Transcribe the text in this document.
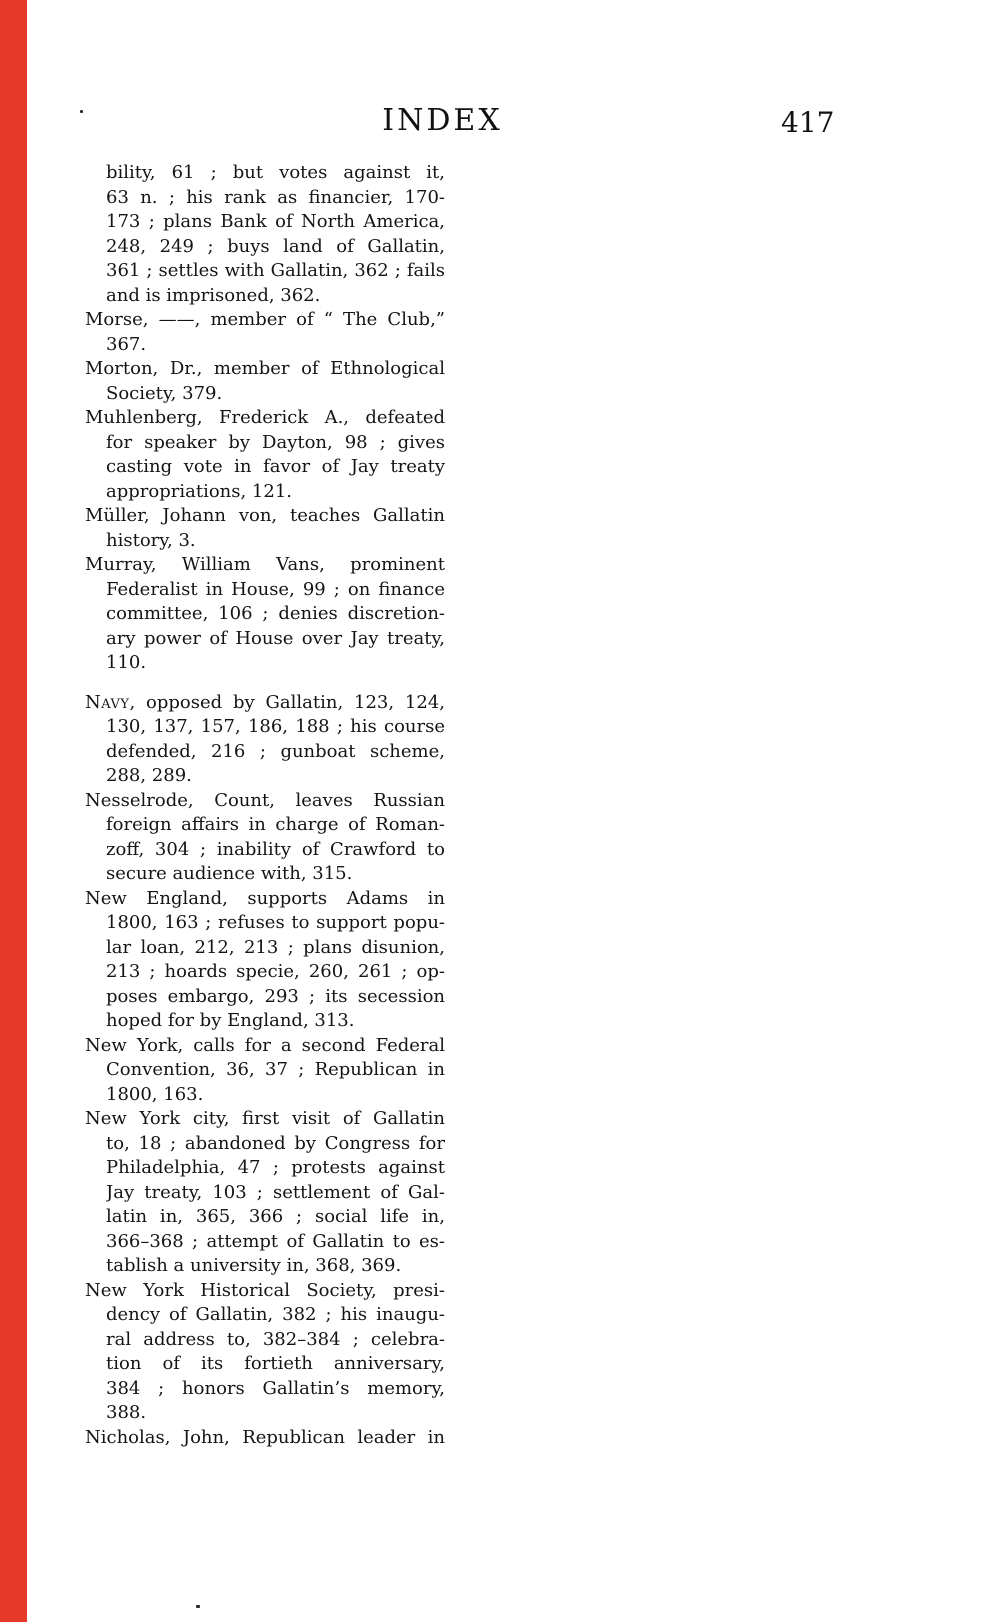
INDEX	417
bility, 61 ; but votes against it,
63 n. ; his rank as financier, 170-
173 ; plans Bank of North America,
248, 249 ; buys land of Gallatin,
361 ; settles with Gallatin, 362 ; fails
and is imprisoned, 362.
Morse, ——, member of “ The Club,”
367.
Morton, Dr., member of Ethnological
Society, 379.
Muhlenberg, Frederick A., defeated
for speaker by Dayton, 98 ; gives
casting vote in favor of Jay treaty
appropriations, 121.
Müller, Johann von, teaches Gallatin
history, 3.
Murray, William Vans, prominent
Federalist in House, 99 ; on finance
committee, 106 ; denies discretion-
ary power of House over Jay treaty,
110.
Navy, opposed by Gallatin, 123, 124,
130, 137, 157, 186, 188 ; his course
defended, 216 ; gunboat scheme,
288, 289.
Nesselrode, Count, leaves Russian
foreign affairs in charge of Roman-
zoff, 304 ; inability of Crawford to
secure audience with, 315.
New England, supports Adams in
1800, 163 ; refuses to support popu-
lar loan, 212, 213 ; plans disunion,
213 ; hoards specie, 260, 261 ; op-
poses embargo, 293 ; its secession
hoped for by England, 313.
New York, calls for a second Federal
Convention, 36, 37 ; Republican in
1800, 163.
New York city, first visit of Gallatin
to, 18 ; abandoned by Congress for
Philadelphia, 47 ; protests against
Jay treaty, 103 ; settlement of Gal-
latin in, 365, 366 ; social life in,
366–368 ; attempt of Gallatin to es-
tablish a university in, 368, 369.
New York Historical Society, presi-
dency of Gallatin, 382 ; his inaugu-
ral address to, 382–384 ; celebra-
tion of its fortieth anniversary,
384 ; honors Gallatin’s memory,
388.
Nicholas, John, Republican leader in
